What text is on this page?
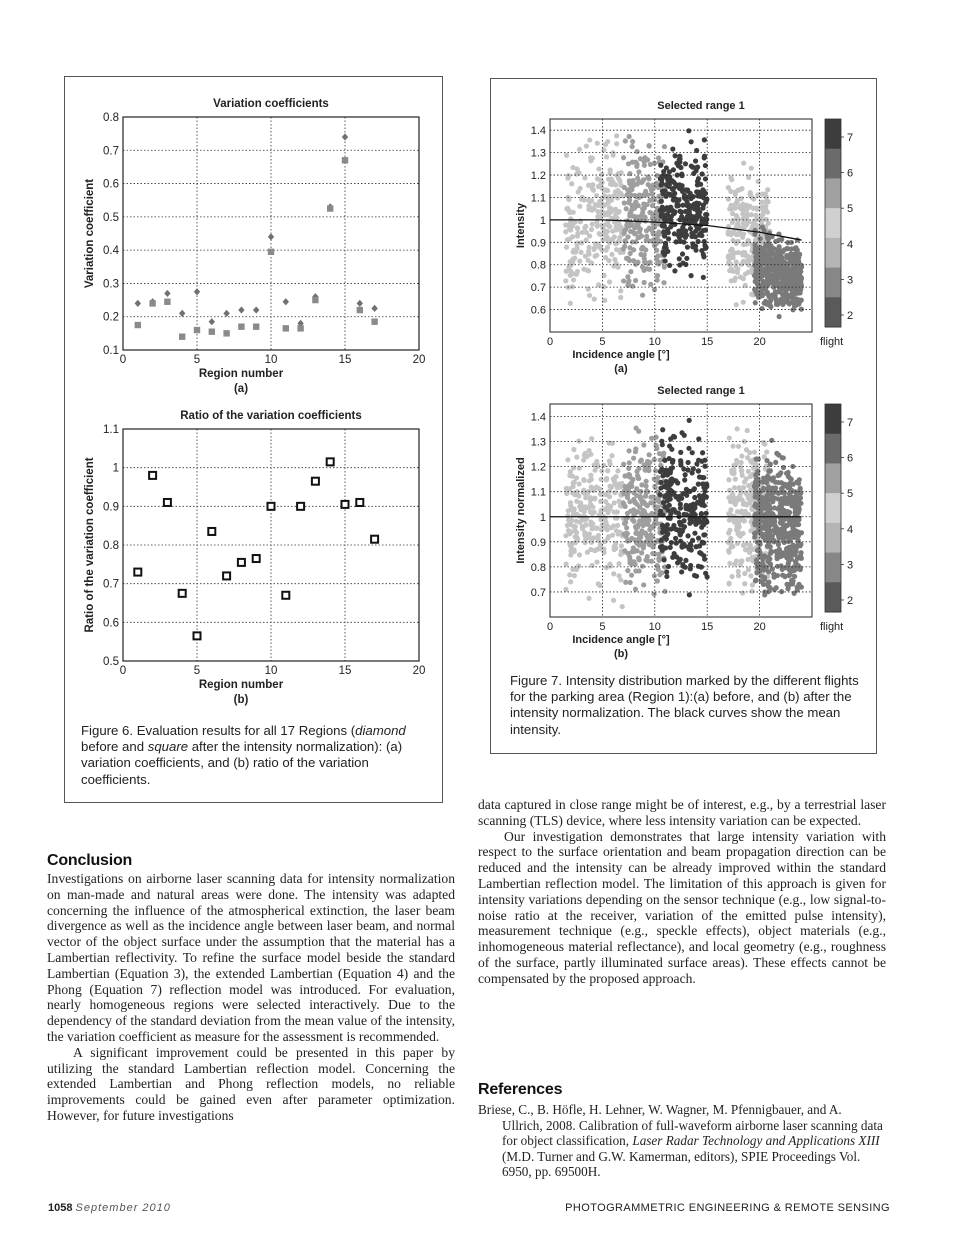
0	5	10	15	20
0.1
0.2
0.3
0.4
0.5
0.6
0.7
0.8
Variation coefficients
Region number
(a)
Variation coefficient
0	5	10	15	20
0.5
0.6
0.7
0.8
0.9
1
1.1
Ratio of the variation coefficients
Region number
(b)
Ratio of the variation coefficient
Figure 6. Evaluation results for all 17 Regions (diamond before and square after the intensity normalization): (a) variation coefficients, and (b) ratio of the variation coefficients.
0	5	10	15	20
0.6
0.7
0.8
0.9
1
1.1
1.2
1.3
1.4
Selected range 1
Incidence angle [°]
(a)
Intensity
7
6
5
4
3
2
flight
0	5	10	15	20
0.7
0.8
0.9
1
1.1
1.2
1.3
1.4
Selected range 1
Incidence angle [°]
(b)
Intensity normalized
7
6
5
4
3
2
flight
Figure 7. Intensity distribution marked by the different flights for the parking area (Region 1):(a) before, and (b) after the intensity normalization. The black curves show the mean intensity.
Conclusion

Investigations on airborne laser scanning data for intensity normalization on man-made and natural areas were done. The intensity was adapted concerning the influence of the atmospherical extinction, the laser beam divergence as well as the incidence angle between laser beam, and normal vector of the object surface under the assumption that the material has a Lambertian reflectivity. To refine the surface model beside the standard Lambertian (Equation 3), the extended Lambertian (Equation 4) and the Phong (Equation 7) reflection model was introduced. For evaluation, nearly homogeneous regions were selected interactively. Due to the dependency of the standard deviation from the mean value of the intensity, the variation coefficient as measure for the assessment is recommended.

A significant improvement could be presented in this paper by utilizing the standard Lambertian reflection model. Concerning the extended Lambertian and Phong reflection models, no reliable improvements could be gained even after parameter optimization. However, for future investigations

data captured in close range might be of interest, e.g., by a terrestrial laser scanning (TLS) device, where less intensity variation can be expected.

Our investigation demonstrates that large intensity variation with respect to the surface orientation and beam propagation direction can be reduced and the intensity can be already improved within the standard Lambertian reflection model. The limitation of this approach is given for intensity variations depending on the sensor technique (e.g., low signal-to-noise ratio at the receiver, variation of the emitted pulse intensity), measurement technique (e.g., speckle effects), object materials (e.g., inhomogeneous material reflectance), and local geometry (e.g., roughness of the surface, partly illuminated surface areas). These effects cannot be compensated by the proposed approach.

References

Briese, C., B. Höfle, H. Lehner, W. Wagner, M. Pfennigbauer, and A. Ullrich, 2008. Calibration of full-waveform airborne laser scanning data for object classification, Laser Radar Technology and Applications XIII (M.D. Turner and G.W. Kamerman, editors), SPIE Proceedings Vol. 6950, pp. 69500H.

1058 September 2010	PHOTOGRAMMETRIC ENGINEERING & REMOTE SENSING
